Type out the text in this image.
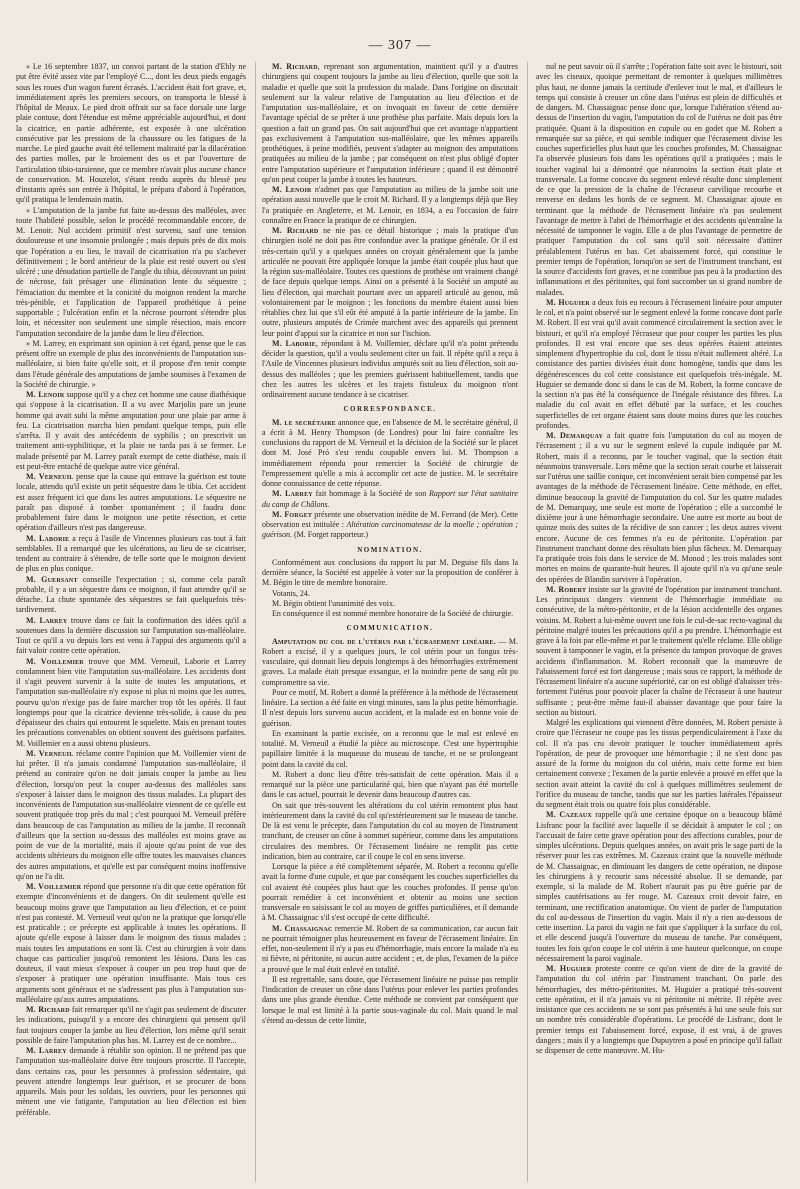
— 307 —
« Le 16 septembre 1837, un convoi partant de la station d'Ebly ne put être évité assez vite par l'employé C..., dont les deux pieds engagés sous les roues d'un wagon furent écrasés. L'accident était fort grave, et, immédiatement après les premiers secours, on transporta le blessé à l'hôpital de Meaux. Le pied droit offrait sur sa face dorsale une large plaie contuse, dont l'étendue est même appréciable aujourd'hui, et dont la cicatrice, en partie adhérente, est exposée à une ulcération consécutive par les pressions de la chaussure ou les fatigues de la marche. Le pied gauche avait été tellement maltraité par la dilacération des parties molles, par le broiement des os et par l'ouverture de l'articulation tibio-tarsienne, que ce membre n'avait plus aucune chance de conservation. M. Houzelot, s'étant rendu auprès du blessé peu d'instants après son entrée à l'hôpital, le prépara d'abord à l'opération, qu'il pratiqua le lendemain matin.
» L'amputation de la jambe fut faite au-dessus des malléoles, avec toute l'habileté possible, selon le procédé recommandable encore, de M. Lenoir. Nul accident primitif n'est survenu, sauf une tension douloureuse et une insomnie prolongée ; mais depuis près de dix mois que l'opération a eu lieu, le travail de cicatrisation n'a pu s'achever définitivement ; le bord antérieur de la plaie est resté ouvert ou s'est ulcéré ; une dénudation partielle de l'angle du tibia, découvrant un point de nécrose, fait présager une élimination lente du séquestre ; l'émaciation du membre et la conicité du moignon rendent la marche très-pénible, et l'application de l'appareil prothétique à peine supportable ; l'ulcération enfin et la nécrose pourront s'étendre plus loin, et nécessiter non seulement une simple résection, mais encore l'amputation secondaire de la jambe dans le lieu d'élection.
» M. Larrey, en exprimant son opinion à cet égard, pense que le cas présent offre un exemple de plus des inconvénients de l'amputation sus-malléolaire, si bien faite qu'elle soit, et il propose d'en tenir compte dans l'étude générale des amputations de jambe soumises à l'examen de la Société de chirurgie. »
M. Lenoir suppose qu'il y a chez cet homme une cause diathésique qui s'oppose à la cicatrisation. Il a vu avec Marjolin pare un jeune homme qui avait subi la même amputation pour une plaie par arme à feu. La cicatrisation marcha bien pendant quelque temps, puis elle s'arrêta. Il y avait des antécédents de syphilis ; on prescrivit un traitement anti-syphilitique, et la plaie ne tarda pas à se fermer. Le malade présenté par M. Larrey paraît exempt de cette diathèse, mais il est peut-être entaché de quelque autre vice général.
M. Verneuil pense que la cause qui entrave la guérison est toute locale, attendu qu'il existe un petit séquestre dans le tibia. Cet accident est assez fréquent ici que dans les autres amputations. Le séquestre ne paraît pas disposé à tomber spontanément ; il faudra donc probablement faire dans le moignon une petite résection, et cette opération d'ailleurs n'est pas dangereuse.
M. Laborie a reçu à l'asile de Vincennes plusieurs cas tout à fait semblables. Il a remarqué que les ulcérations, au lieu de se cicatriser, tendent au contraire à s'étendre, de telle sorte que le moignon devient de plus en plus conique.
M. Guersant conseille l'expectation ; si, comme cela paraît probable, il y a un séquestre dans ce moignon, il faut attendre qu'il se détache. La chute spontanée des séquestres se fait quelquefois très-tardivement.
M. Larrey trouve dans ce fait la confirmation des idées qu'il a soutenues dans la dernière discussion sur l'amputation sus-malléolaire. Tout ce qu'il a vu depuis lors est venu à l'appui des arguments qu'il a fait valoir contre cette opération.
M. Voillemier trouve que MM. Verneuil, Laborie et Larrey condamnent bien vite l'amputation sus-malléolaire. Les accidents dont il s'agit peuvent survenir à la suite de toutes les amputations, et l'amputation sus-malléolaire n'y expose ni plus ni moins que les autres, pourvu qu'on n'exige pas de faire marcher trop tôt les opérés. Il faut longtemps pour que la cicatrice devienne très-solide, à cause du peu d'épaisseur des chairs qui entourent le squelette. Mais en prenant toutes les précautions convenables on obtient souvent des guérisons parfaites. M. Voillemier en a aussi obtenu plusieurs.
M. Verneuil réclame contre l'opinion que M. Voillemier vient de lui prêter. Il n'a jamais condamné l'amputation sus-malléolaire, il prétend au contraire qu'on ne doit jamais couper la jambe au lieu d'élection, lorsqu'on peut la couper au-dessus des malléoles sans s'exposer à laisser dans le moignon des tissus malades. La plupart des inconvénients de l'amputation sus-malléolaire viennent de ce qu'elle est souvent pratiquée trop près du mal ; c'est pourquoi M. Verneuil préfère dans beaucoup de cas l'amputation au milieu de la jambe. Il reconnaît d'ailleurs que la section au-dessus des malléoles est moins grave au point de vue de la mortalité, mais il ajoute qu'au point de vue des accidents ultérieurs du moignon elle offre toutes les mauvaises chances des autres amputations, et qu'elle est par conséquent moins inoffensive qu'on ne l'a dit.
M. Voillemier répond que personne n'a dit que cette opération fût exempte d'inconvénients et de dangers. On dit seulement qu'elle est beaucoup moins grave que l'amputation au lieu d'élection, et ce point n'est pas contesté. M. Verneuil veut qu'on ne la pratique que lorsqu'elle est praticable ; ce précepte est applicable à toutes les opérations. Il ajoute qu'elle expose à laisser dans le moignon des tissus malades ; mais toutes les amputations en sont là. C'est au chirurgien à voir dans chaque cas particulier jusqu'où remontent les lésions. Dans les cas douteux, il vaut mieux s'exposer à couper un peu trop haut que de s'exposer à pratiquer une opération insuffisante. Mais tous ces arguments sont généraux et ne s'adressent pas plus à l'amputation sus-malléolaire qu'aux autres amputations.
M. Richard fait remarquer qu'il ne s'agit pas seulement de discuter les indications, puisqu'il y a encore des chirurgiens qui pensent qu'il faut toujours couper la jambe au lieu d'élection, lors même qu'il serait possible de faire l'amputation plus bas. M. Larrey est de ce nombre...
M. Larrey demande à rétablir son opinion. Il ne prétend pas que l'amputation sus-malléolaire doive être toujours proscrite. Il l'accepte, dans certains cas, pour les personnes à profession sédentaire, qui peuvent attendre longtemps leur guérison, et se procurer de bons appareils. Mais pour les soldats, les ouvriers, pour les personnes qui mènent une vie fatigante, l'amputation au lieu d'élection est bien préférable.
M. Richard, reprenant son argumentation, maintient qu'il y a d'autres chirurgiens qui coupent toujours la jambe au lieu d'élection, quelle que soit la maladie et quelle que soit la profession du malade. Dans l'origine on discutait seulement sur la valeur relative de l'amputation au lieu d'élection et de l'amputation sus-malléolaire, et on invoquait en faveur de cette dernière l'avantage spécial de se prêter à une prothèse plus parfaite. Mais depuis lors la question a fait un grand pas. On sait aujourd'hui que cet avantage n'appartient pas exclusivement à l'amputation sus-malléolaire, que les mêmes appareils prothétiques, à peine modifiés, peuvent s'adapter au moignon des amputations pratiquées au milieu de la jambe ; par conséquent on n'est plus obligé d'opter entre l'amputation supérieure et l'amputation inférieure ; quand il est démontré qu'on peut couper la jambe à toutes les hauteurs.
M. Lenoir n'admet pas que l'amputation au milieu de la jambe soit une opération aussi nouvelle que le croit M. Richard. Il y a longtemps déjà que Bey l'a pratiquée en Angleterre, et M. Lenoir, en 1834, a eu l'occasion de faire connaître en France la pratique de ce chirurgien.
M. Richard ne nie pas ce détail historique ; mais la pratique d'un chirurgien isolé ne doit pas être confondue avec la pratique générale. Or il est très-certain qu'il y a quelques années on croyait généralement que la jambe articulée ne pouvait être appliquée lorsque la jambe était coupée plus haut que la région sus-malléolaire. Toutes ces questions de prothèse ont vraiment changé de face depuis quelque temps. Ainsi on a présenté à la Société un amputé au lieu d'élection, qui marchait pourtant avec un appareil articulé au genou, mû volontairement par le moignon ; les fonctions du membre étaient aussi bien rétablies chez lui que s'il eût été amputé à la partie inférieure de la jambe. En outre, plusieurs amputés de Crimée marchent avec des appareils qui prennent leur point d'appui sur la cicatrice et non sur l'ischion.
M. Laborie, répondant à M. Voillemier, déclare qu'il n'a point prétendu décider la question, qu'il a voulu seulement citer un fait. Il répète qu'il a reçu à l'Asile de Vincennes plusieurs individus amputés soit au lieu d'élection, soit au-dessus des malléoles ; que les premiers guérissent habituellement, tandis que chez les autres les ulcères et les trajets fistuleux du moignon n'ont ordinairement aucune tendance à se cicatriser.
CORRESPONDANCE.
M. le secrétaire annonce que, en l'absence de M. le secrétaire général, il a écrit à M. Henry Thompson (de Londres) pour lui faire connaître les conclusions du rapport de M. Verneuil et la décision de la Société sur le placet dont M. José Pró s'est rendu coupable envers lui. M. Thompson a immédiatement répondu pour remercier la Société de chirurgie de l'empressement qu'elle a mis à accomplir cet acte de justice. M. le secrétaire donne connaissance de cette réponse.
M. Larrey fait hommage à la Société de son Rapport sur l'état sanitaire du camp de Châlons.
M. Forget présente une observation inédite de M. Ferrand (de Mer). Cette observation est intitulée : Altération carcinomateuse de la moelle ; opération ; guérison. (M. Forget rapporteur.)
NOMINATION.
Conformément aux conclusions du rapport lu par M. Deguise fils dans la dernière séance, la Société est appelée à voter sur la proposition de conférer à M. Bégin le titre de membre honoraire.
Votants, 24.
M. Bégin obtient l'unanimité des voix.
En conséquence il est nommé membre honoraire de la Société de chirurgie.
COMMUNICATION.
Amputation du col de l'utérus par l'écrasement linéaire. — M. Robert a excisé, il y a quelques jours, le col utérin pour un fongus très-vasculaire, qui donnait lieu depuis longtemps à des hémorrhagies extrêmement graves. La malade était presque exsangue, et la moindre perte de sang eût pu compromettre sa vie.
Pour ce motif, M. Robert a donné la préférence à la méthode de l'écrasement linéaire. La section a été faite en vingt minutes, sans la plus petite hémorrhagie. Il n'est depuis lors survenu aucun accident, et la malade est en bonne voie de guérison.
En examinant la partie excisée, on a reconnu que le mal est enlevé en totalité. M. Verneuil a étudié la pièce au microscope. C'est une hypertrophie papillaire limitée à la muqueuse du museau de tanche, et ne se prolongeant point dans la cavité du col.
M. Robert a donc lieu d'être très-satisfait de cette opération. Mais il a remarqué sur la pièce une particularité qui, bien que n'ayant pas été mortelle dans le cas actuel, pourrait le devenir dans beaucoup d'autres cas.
On sait que très-souvent les altérations du col utérin remontent plus haut intérieurement dans la cavité du col qu'extérieurement sur le museau de tanche. De là est venu le précepte, dans l'amputation du col au moyen de l'instrument tranchant, de creuser un cône à sommet supérieur, comme dans les amputations circulaires des membres. Or l'écrasement linéaire ne remplit pas cette indication, bien au contraire, car il coupe le col en sens inverse.
Lorsque la pièce a été complètement séparée, M. Robert a reconnu qu'elle avait la forme d'une cupule, et que par conséquent les couches superficielles du col avaient été coupées plus haut que les couches profondes. Il pense qu'on pourrait remédier à cet inconvénient et obtenir au moins une section transversale en saisissant le col au moyen de griffes particulières, et il demande à M. Chassaignac s'il s'est occupé de cette difficulté.
M. Chassaignac remercie M. Robert de sa communication, car aucun fait ne pourrait témoigner plus heureusement en faveur de l'écrasement linéaire. En effet, non-seulement il n'y a pas eu d'hémorrhagie, mais encore la malade n'a eu ni fièvre, ni péritonite, ni aucun autre accident ; et, de plus, l'examen de la pièce a prouvé que le mal était enlevé en totalité.
Il est regrettable, sans doute, que l'écrasement linéaire ne puisse pas remplir l'indication de creuser un cône dans l'utérus pour enlever les parties profondes dans une plus grande étendue. Cette méthode ne convient par conséquent que lorsque le mal est limité à la partie sous-vaginale du col. Mais quand le mal s'étend au-dessus de cette limite,
nul ne peut savoir où il s'arrête ; l'opération faite soit avec le bistouri, soit avec les ciseaux, quoique permettant de remonter à quelques millimètres plus haut, ne donne jamais la certitude d'enlever tout le mal, et d'ailleurs le temps qui consiste à creuser un cône dans l'utérus est plein de difficultés et de dangers. M. Chassaignac pense donc que, lorsque l'altération s'étend au-dessus de l'insertion du vagin, l'amputation du col de l'utérus ne doit pas être pratiquée. Quant à la disposition en cupule ou en godet que M. Robert a remarquée sur sa pièce, et qui semble indiquer que l'écrasement divise les couches superficielles plus haut que les couches profondes, M. Chassaignac l'a observée plusieurs fois dans les opérations qu'il a pratiquées ; mais le toucher vaginal lui a démontré que néanmoins la section était plate et transversale. La forme concave du segment enlevé résulte donc simplement de ce que la pression de la chaîne de l'écraseur carvilique recourbe et renverse en dedans les bords de ce segment. M. Chassaignac ajoute en terminant que la méthode de l'écrasement linéaire n'a pas seulement l'avantage de mettre à l'abri de l'hémorrhagie et des accidents qu'entraîne la nécessité de tamponner le vagin. Elle a de plus l'avantage de permettre de pratiquer l'amputation du col sans qu'il soit nécessaire d'attirer préalablement l'utérus en bas. Cet abaissement forcé, qui constitue le premier temps de l'opération, lorsqu'on se sert de l'instrument tranchant, est la source d'accidents fort graves, et ne contribue pas peu à la production des inflammations et des péritonites, qui font succomber un si grand nombre de malades.
M. Huguier a deux fois eu recours à l'écrasement linéaire pour amputer le col, et n'a point observé sur le segment enlevé la forme concave dont parle M. Robert. Il est vrai qu'il avait commencé circulairement la section avec le bistouri, et qu'il n'a employé l'écraseur que pour couper les parties les plus profondes. Il est vrai encore que ses deux opérées étaient atteintes simplement d'hypertrophie du col, dont le tissu n'était nullement altéré. La consistance des parties divisées était donc homogène, tandis que dans les dégénérescences du col cette consistance est quelquefois très-inégale. M. Huguier se demande donc si dans le cas de M. Robert, la forme concave de la section n'a pas été la conséquence de l'inégale résistance des fibres. La maladie du col avait en effet débuté par la surface, et les couches superficielles de cet organe étaient sans doute moins dures que les couches profondes.
M. Demarquay a fait quatre fois l'amputation du col au moyen de l'écrasement ; il a vu sur le segment enlevé la cupule indiquée par M. Robert, mais il a reconnu, par le toucher vaginal, que la section était néanmoins transversale. Lors même que la section serait courbe et laisserait sur l'utérus une saillie conique, cet inconvénient serait bien compensé par les avantages de la méthode de l'écrasement linéaire. Cette méthode, en effet, diminue beaucoup la gravité de l'amputation du col. Sur les quatre malades de M. Demarquay, une seule est morte de l'opération ; elle a succombé le dixième jour à une hémorrhagie secondaire. Une autre est morte au bout de quinze mois des suites de la récidive de son cancer ; les deux autres vivent encore. Aucune de ces femmes n'a eu de péritonite. L'opération par l'instrument tranchant donne des résultats bien plus fâcheux. M. Demarquay l'a pratiquée trois fois dans le service de M. Monod ; les trois malades sont mortes en moins de quarante-huit heures. Il ajoute qu'il n'a vu qu'une seule des opérées de Blandin survivre à l'opération.
M. Robert insiste sur la gravité de l'opération par instrument tranchant. Les principaux dangers viennent de l'hémorrhagie immédiate ou consécutive, de la métro-péritonite, et de la lésion accidentelle des organes voisins. M. Robert a lui-même ouvert une fois le cul-de-sac recto-vaginal du péritoine malgré toutes les précautions qu'il a pu prendre. L'hémorrhagie est grave à la fois par elle-même et par le traitement qu'elle réclame. Elle oblige souvent à tamponner le vagin, et la présence du tampon provoque de graves accidents d'inflammation. M. Robert reconnaît que la manœuvre de l'abaissement forcé est fort dangereuse ; mais sous ce rapport, la méthode de l'écrasement linéaire n'a aucune supériorité, car on est obligé d'abaisser très-fortement l'utérus pour pouvoir placer la chaîne de l'écraseur à une hauteur suffisante ; peut-être même faut-il abaisser davantage que pour faire la section au bistouri.
Malgré les explications qui viennent d'être données, M. Robert persiste à croire que l'écraseur ne coupe pas les tissus perpendiculairement à l'axe du col. Il n'a pas cru devoir pratiquer le toucher immédiatement après l'opération, de peur de provoquer une hémorrhagie ; il ne s'est donc pas assuré de la forme du moignon du col utérin, mais cette forme est bien certainement convexe ; l'examen de la partie enlevée a prouvé en effet que la section avait atteint la cavité du col à quelques millimètres seulement de l'orifice du museau de tanche, tandis que sur les parties latérales l'épaisseur du segment était trois ou quatre fois plus considérable.
M. Cazeaux rappelle qu'à une certaine époque on a beaucoup blâmé Lisfranc pour la facilité avec laquelle il se décidait à amputer le col ; on l'accusait de faire cette grave opération pour des affections curables, pour de simples ulcérations. Depuis quelques années, on avait pris le sage parti de la réserver pour les cas extrêmes. M. Cazeaux craint que la nouvelle méthode de M. Chassaignac, en diminuant les dangers de cette opération, ne dispose les chirurgiens à y recourir sans nécessité absolue. Il se demande, par exemple, si la malade de M. Robert n'aurait pas pu être guérie par de simples cautérisations au fer rouge. M. Cazeaux croit devoir faire, en terminant, une rectification anatomique. On vient de parler de l'amputation du col au-dessous de l'insertion du vagin. Mais il n'y a rien au-dessous de cette insertion. La paroi du vagin ne fait que s'appliquer à la surface du col, et elle descend jusqu'à l'ouverture du museau de tanche. Par conséquent, toutes les fois qu'on coupe le col utérin à une hauteur quelconque, on coupe nécessairement la paroi vaginale.
M. Huguier proteste contre ce qu'on vient de dire de la gravité de l'amputation du col utérin par l'instrument tranchant. On parle des hémorrhagies, des métro-péritonites. M. Huguier a pratiqué très-souvent cette opération, et il n'a jamais vu ni péritonite ni métrite. Il répète avec insistance que ces accidents ne se sont pas présentés à lui une seule fois sur un nombre très considérable d'opérations. Le procédé de Lisfranc, dont le premier temps est l'abaissement forcé, expose, il est vrai, à de graves dangers ; mais il y a longtemps que Dupuytren a posé en principe qu'il fallait se dispenser de cette manœuvre. M. Hu-
